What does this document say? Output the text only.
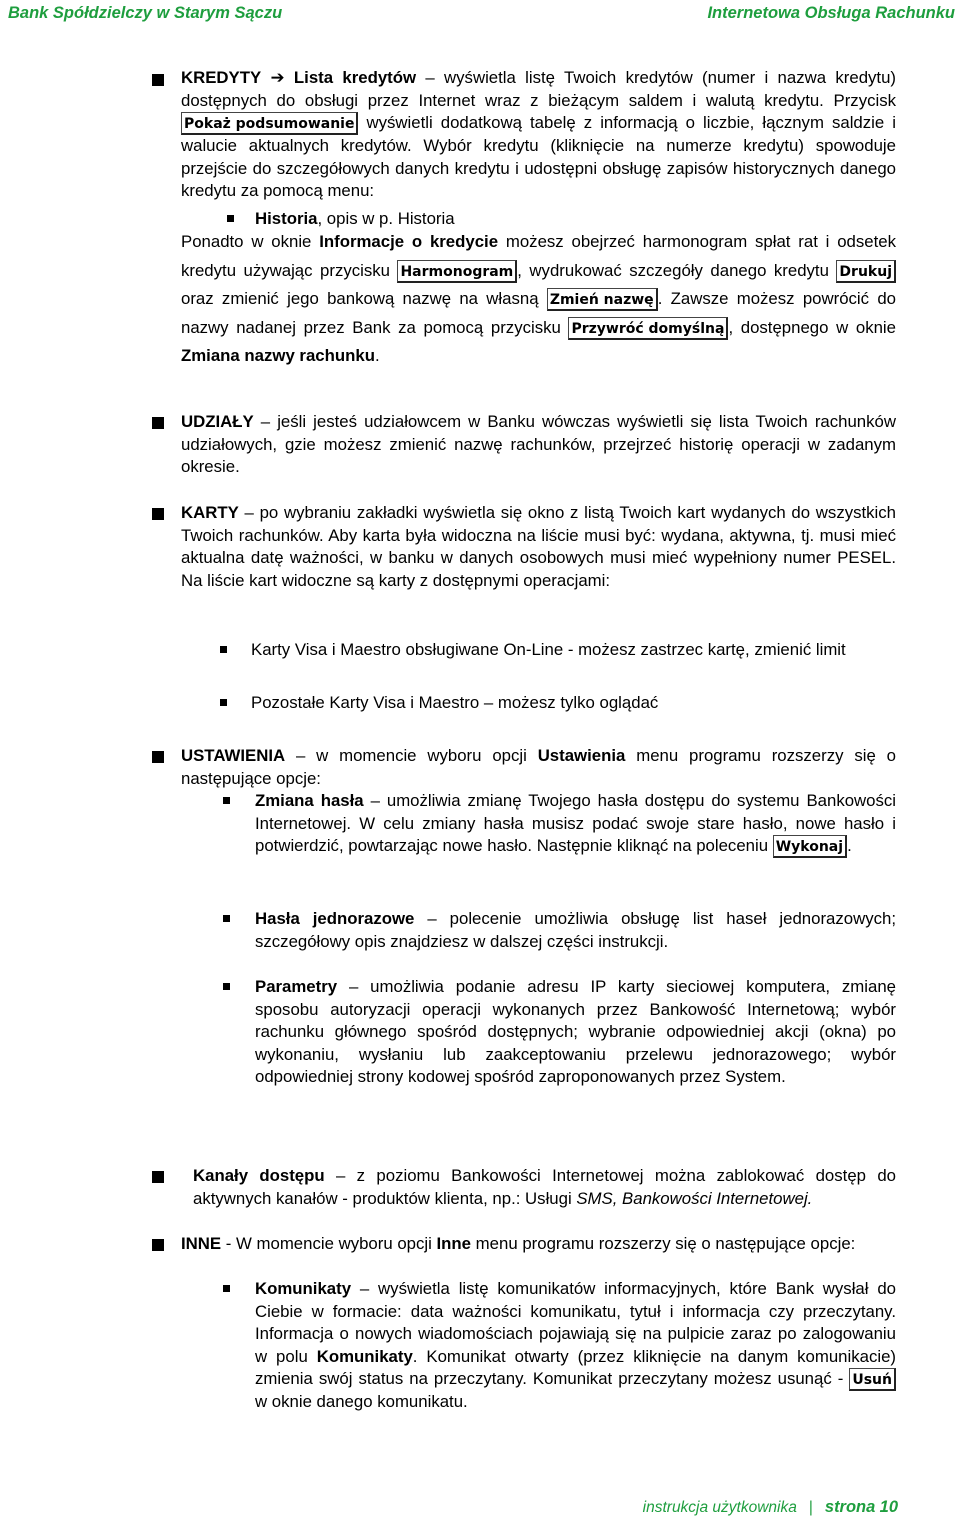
Bank Spółdzielczy w Starym Sączu	Internetowa Obsługa Rachunku

KREDYTY ➔ Lista kredytów – wyświetla listę Twoich kredytów (numer i nazwa kredytu) dostępnych do obsługi przez Internet wraz z bieżącym saldem i walutą kredytu. Przycisk Pokaż podsumowanie wyświetli dodatkową tabelę z informacją o liczbie, łącznym saldzie i walucie aktualnych kredytów. Wybór kredytu (kliknięcie na numerze kredytu) spowoduje przejście do szczegółowych danych kredytu i udostępni obsługę zapisów historycznych danego kredytu za pomocą menu:

Historia, opis w p. Historia

Ponadto w oknie Informacje o kredycie możesz obejrzeć harmonogram spłat rat i odsetek kredytu używając przycisku Harmonogram , wydrukować szczegóły danego kredytu Drukuj oraz zmienić jego bankową nazwę na własną Zmień nazwę . Zawsze możesz powrócić do nazwy nadanej przez Bank za pomocą przycisku Przywróć domyślną , dostępnego w oknie Zmiana nazwy rachunku.

UDZIAŁY – jeśli jesteś udziałowcem w Banku wówczas wyświetli się lista Twoich rachunków udziałowych, gzie możesz zmienić nazwę rachunków, przejrzeć historię operacji w zadanym okresie.

KARTY – po wybraniu zakładki wyświetla się okno z listą Twoich kart wydanych do wszystkich Twoich rachunków. Aby karta była widoczna na liście musi być: wydana, aktywna, tj. musi mieć aktualna datę ważności, w banku w danych osobowych musi mieć wypełniony numer PESEL. Na liście kart widoczne są karty z dostępnymi operacjami:

Karty Visa i Maestro obsługiwane On-Line - możesz zastrzec kartę, zmienić limit

Pozostałe Karty Visa i Maestro – możesz tylko oglądać

USTAWIENIA – w momencie wyboru opcji Ustawienia menu programu rozszerzy się o następujące opcje:

Zmiana hasła – umożliwia zmianę Twojego hasła dostępu do systemu Bankowości Internetowej. W celu zmiany hasła musisz podać swoje stare hasło, nowe hasło i potwierdzić, powtarzając nowe hasło. Następnie kliknąć na poleceniu Wykonaj .

Hasła jednorazowe – polecenie umożliwia obsługę list haseł jednorazowych; szczegółowy opis znajdziesz w dalszej części instrukcji.

Parametry – umożliwia podanie adresu IP karty sieciowej komputera, zmianę sposobu autoryzacji operacji wykonanych przez Bankowość Internetową; wybór rachunku głównego spośród dostępnych; wybranie odpowiedniej akcji (okna) po wykonaniu, wysłaniu lub zaakceptowaniu przelewu jednorazowego; wybór odpowiedniej strony kodowej spośród zaproponowanych przez System.

Kanały dostępu – z poziomu Bankowości Internetowej można zablokować dostęp do aktywnych kanałów - produktów klienta, np.: Usługi SMS, Bankowości Internetowej.

INNE - W momencie wyboru opcji Inne menu programu rozszerzy się o następujące opcje:

Komunikaty – wyświetla listę komunikatów informacyjnych, które Bank wysłał do Ciebie w formacie: data ważności komunikatu, tytuł i informacja czy przeczytany. Informacja o nowych wiadomościach pojawiają się na pulpicie zaraz po zalogowaniu w polu Komunikaty. Komunikat otwarty (przez kliknięcie na danym komunikacie) zmienia swój status na przeczytany. Komunikat przeczytany możesz usunąć - Usuń w oknie danego komunikatu.

instrukcja użytkownika | strona 10
